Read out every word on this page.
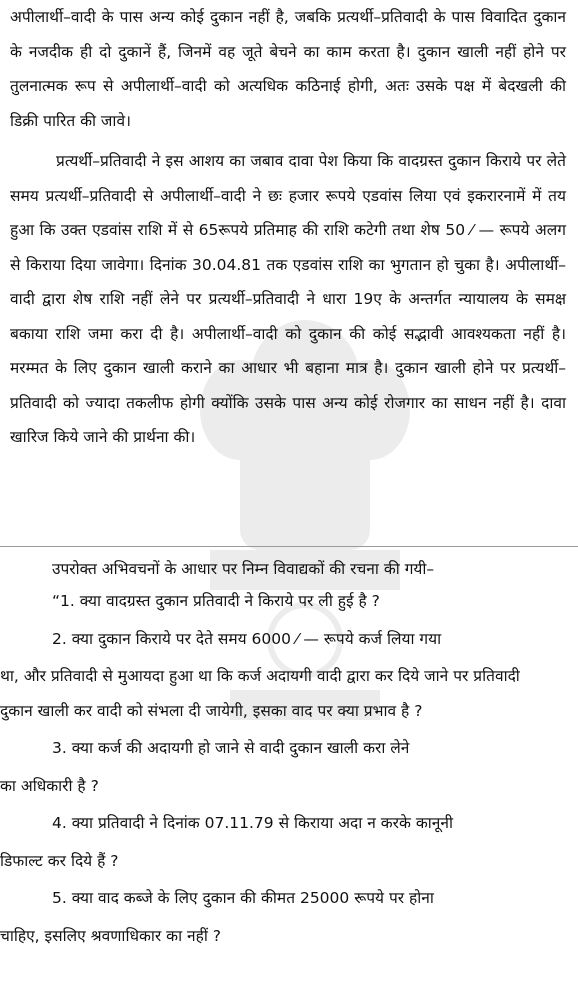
अपीलार्थी–वादी के पास अन्य कोई दुकान नहीं है, जबकि प्रत्यर्थी–प्रतिवादी के पास विवादित दुकान के नजदीक ही दो दुकानें हैं, जिनमें वह जूते बेचने का काम करता है। दुकान खाली नहीं होने पर तुलनात्मक रूप से अपीलार्थी–वादी को अत्यधिक कठिनाई होगी, अतः उसके पक्ष में बेदखली की डिक्री पारित की जावे।

प्रत्यर्थी–प्रतिवादी ने इस आशय का जबाव दावा पेश किया कि वादग्रस्त दुकान किराये पर लेते समय प्रत्यर्थी–प्रतिवादी से अपीलार्थी–वादी ने छः हजार रूपये एडवांस लिया एवं इकरारनामें में तय हुआ कि उक्त एडवांस राशि में से 65रूपये प्रतिमाह की राशि कटेगी तथा शेष 50 ⁄ — रूपये अलग से किराया दिया जावेगा। दिनांक 30.04.81 तक एडवांस राशि का भुगतान हो चुका है। अपीलार्थी–वादी द्वारा शेष राशि नहीं लेने पर प्रत्यर्थी–प्रतिवादी ने धारा 19ए के अन्तर्गत न्यायालय के समक्ष बकाया राशि जमा करा दी है। अपीलार्थी–वादी को दुकान की कोई सद्भावी आवश्यकता नहीं है। मरम्मत के लिए दुकान खाली कराने का आधार भी बहाना मात्र है। दुकान खाली होने पर प्रत्यर्थी–प्रतिवादी को ज्यादा तकलीफ होगी क्योंकि उसके पास अन्य कोई रोजगार का साधन नहीं है। दावा खारिज किये जाने की प्रार्थना की।

उपरोक्त अभिवचनों के आधार पर निम्न विवाद्यकों की रचना की गयी–

“1. क्या वादग्रस्त दुकान प्रतिवादी ने किराये पर ली हुई है ?
2. क्या दुकान किराये पर देते समय 6000 ⁄ — रूपये कर्ज लिया गया
था, और प्रतिवादी से मुआयदा हुआ था कि कर्ज अदायगी वादी द्वारा कर दिये जाने पर प्रतिवादी दुकान खाली कर वादी को संभला दी जायेगी, इसका वाद पर क्या प्रभाव है ?
3. क्या कर्ज की अदायगी हो जाने से वादी दुकान खाली करा लेने
का अधिकारी है ?
4. क्या प्रतिवादी ने दिनांक 07.11.79 से किराया अदा न करके कानूनी
डिफाल्ट कर दिये हैं ?
5. क्या वाद कब्जे के लिए दुकान की कीमत 25000 रूपये पर होना
चाहिए, इसलिए श्रवणाधिकार का नहीं ?
